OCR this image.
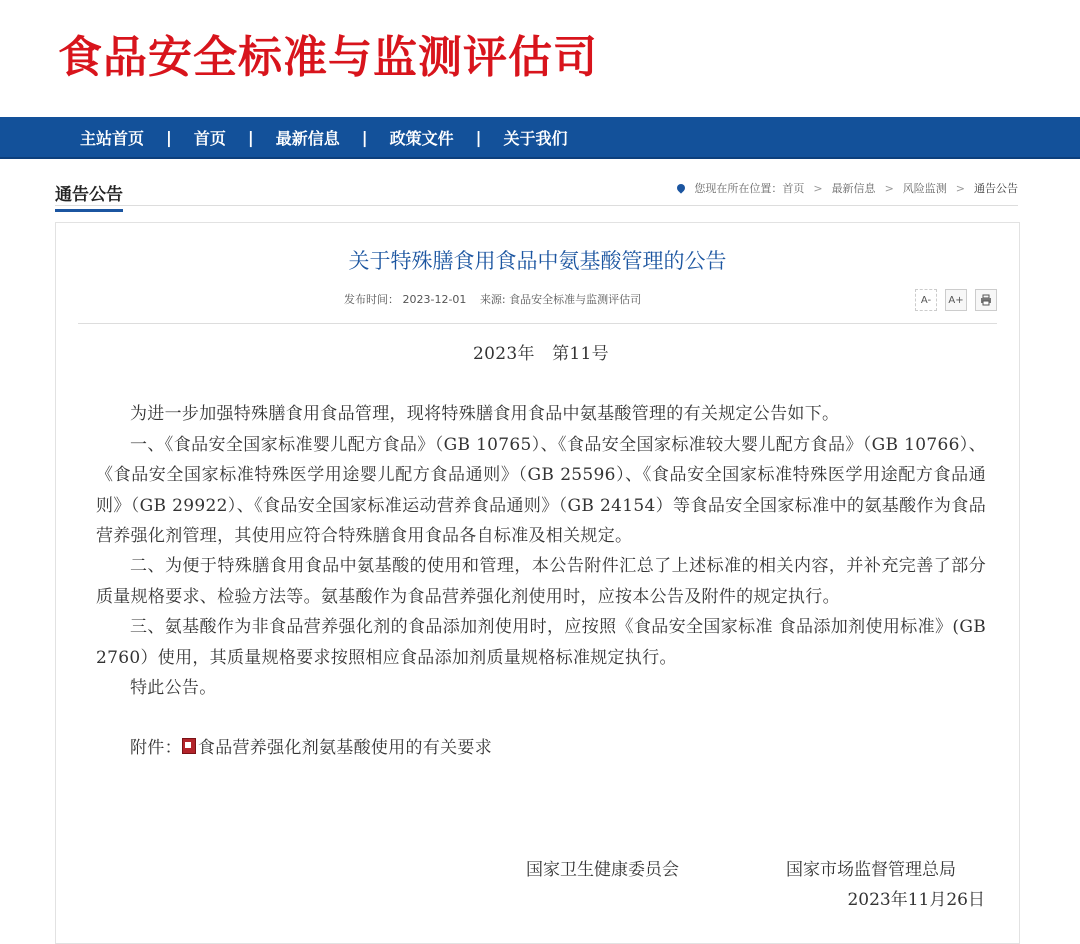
食品安全标准与监测评估司
主站首页	|	首页	|	最新信息	|	政策文件	|	关于我们
通告公告	您现在所在位置： 首页 > 最新信息 > 风险监测 > 通告公告
关于特殊膳食用食品中氨基酸管理的公告
发布时间： 2023-12-01 来源: 食品安全标准与监测评估司	A- A+

2023年　第11号

为进一步加强特殊膳食用食品管理，现将特殊膳食用食品中氨基酸管理的有关规定公告如下。

一、《食品安全国家标准婴儿配方食品》（GB 10765）、《食品安全国家标准较大婴儿配方食品》（GB 10766）、《食品安全国家标准特殊医学用途婴儿配方食品通则》（GB 25596）、《食品安全国家标准特殊医学用途配方食品通则》（GB 29922）、《食品安全国家标准运动营养食品通则》（GB 24154）等食品安全国家标准中的氨基酸作为食品营养强化剂管理，其使用应符合特殊膳食用食品各自标准及相关规定。

二、为便于特殊膳食用食品中氨基酸的使用和管理，本公告附件汇总了上述标准的相关内容，并补充完善了部分质量规格要求、检验方法等。氨基酸作为食品营养强化剂使用时，应按本公告及附件的规定执行。

三、氨基酸作为非食品营养强化剂的食品添加剂使用时，应按照《食品安全国家标准 食品添加剂使用标准》(GB 2760）使用，其质量规格要求按照相应食品添加剂质量规格标准规定执行。

特此公告。

附件： 食品营养强化剂氨基酸使用的有关要求

国家卫生健康委员会	国家市场监督管理总局
2023年11月26日
